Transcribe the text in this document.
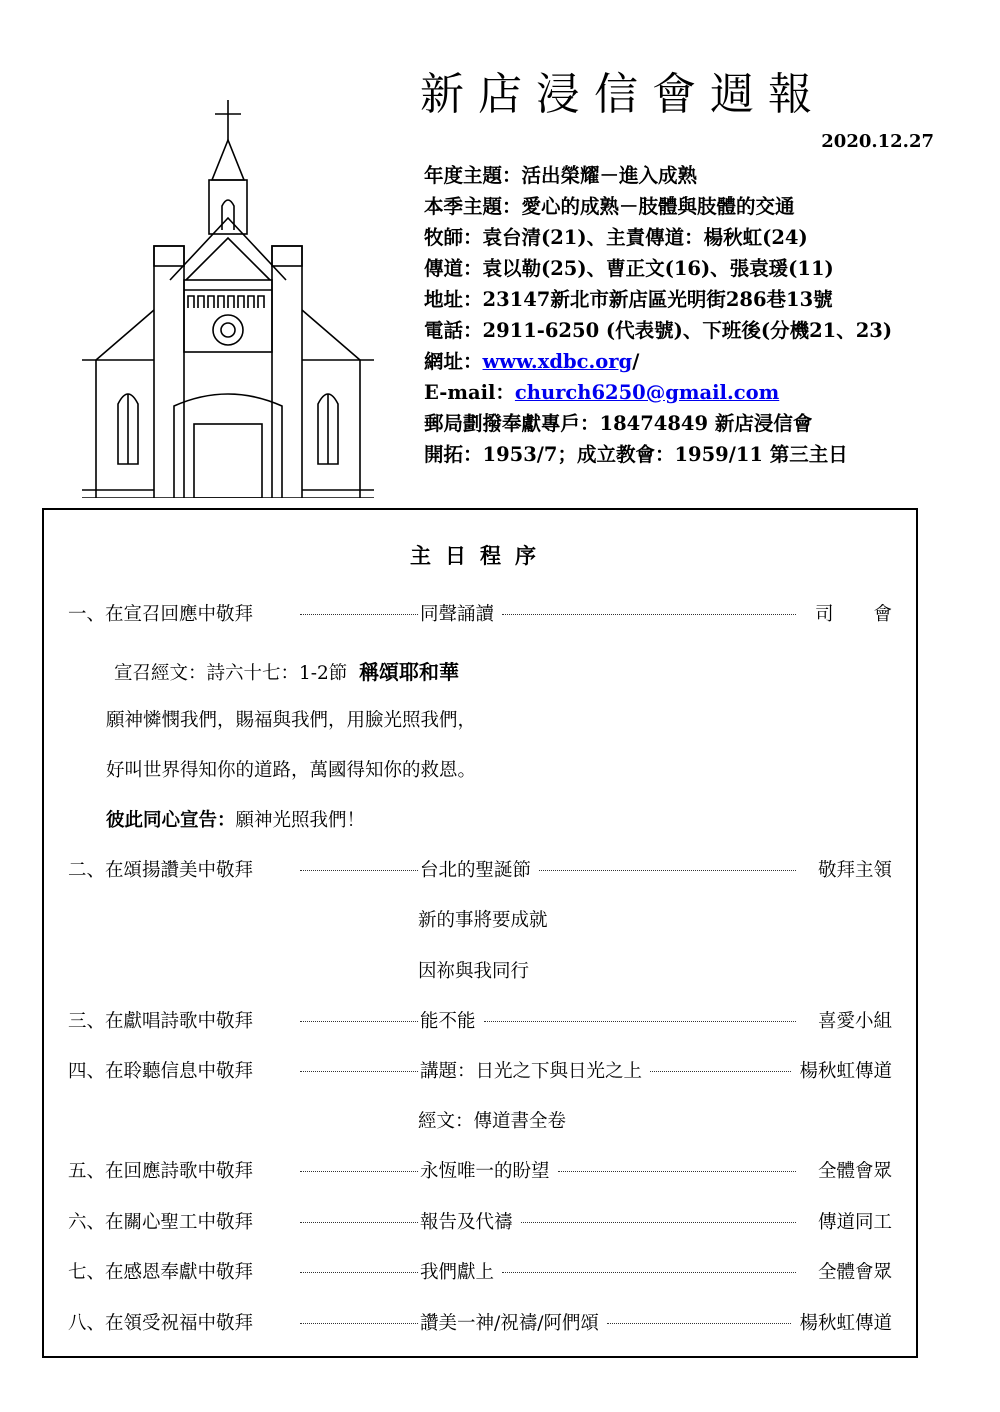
新店浸信會週報
2020.12.27
年度主題：活出榮耀－進入成熟
本季主題：愛心的成熟－肢體與肢體的交通
牧師：袁台清(21)、主責傳道：楊秋虹(24)
傳道：袁以勒(25)、曹正文(16)、張袁瑗(11)
地址：23147新北市新店區光明街286巷13號
電話：2911-6250 (代表號)、下班後(分機21、23)
網址：www.xdbc.org/
E-mail：church6250@gmail.com
郵局劃撥奉獻專戶：18474849 新店浸信會
開拓：1953/7；成立教會：1959/11 第三主日
主日程序
一、在宣召回應中敬拜	同聲誦讀	司會
宣召經文：詩六十七：1-2節 稱頌耶和華
願神憐憫我們，賜福與我們，用臉光照我們，
好叫世界得知你的道路，萬國得知你的救恩。
彼此同心宣告：願神光照我們！
二、在頌揚讚美中敬拜	台北的聖誕節	敬拜主領
新的事將要成就
因祢與我同行
三、在獻唱詩歌中敬拜	能不能	喜愛小組
四、在聆聽信息中敬拜	講題：日光之下與日光之上	楊秋虹傳道
經文：傳道書全卷
五、在回應詩歌中敬拜	永恆唯一的盼望	全體會眾
六、在關心聖工中敬拜	報告及代禱	傳道同工
七、在感恩奉獻中敬拜	我們獻上	全體會眾
八、在領受祝福中敬拜	讚美一神/祝禱/阿們頌	楊秋虹傳道
